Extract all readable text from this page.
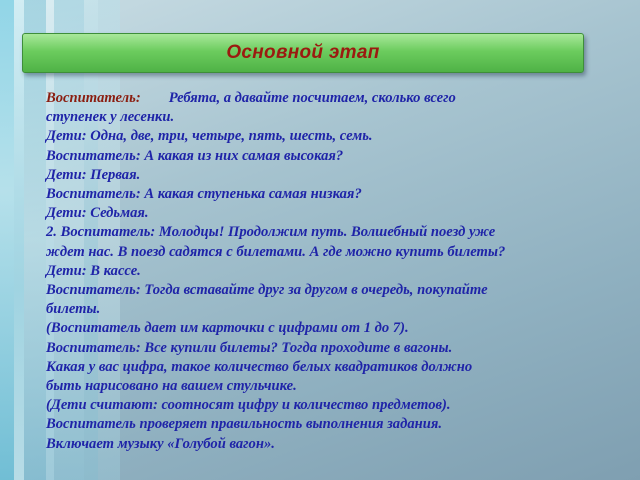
Основной этап

Воспитатель: Ребята, а давайте посчитаем, сколько всего

ступенек у лесенки.

Дети: Одна, две, три, четыре, пять, шесть, семь.

Воспитатель: А какая из них самая высокая?

Дети: Первая.

Воспитатель: А какая ступенька самая низкая?

Дети: Седьмая.

2. Воспитатель: Молодцы! Продолжим путь. Волшебный поезд уже

ждет нас. В поезд садятся с билетами. А где можно купить билеты?

Дети: В кассе.

Воспитатель: Тогда вставайте друг за другом в очередь, покупайте

билеты.

(Воспитатель дает им карточки с цифрами от 1 до 7).

Воспитатель: Все купили билеты? Тогда проходите в вагоны.

Какая у вас цифра, такое количество белых квадратиков должно

быть нарисовано на вашем стульчике.

(Дети считают: соотносят цифру и количество предметов).

Воспитатель проверяет правильность выполнения задания.

Включает музыку «Голубой вагон».
